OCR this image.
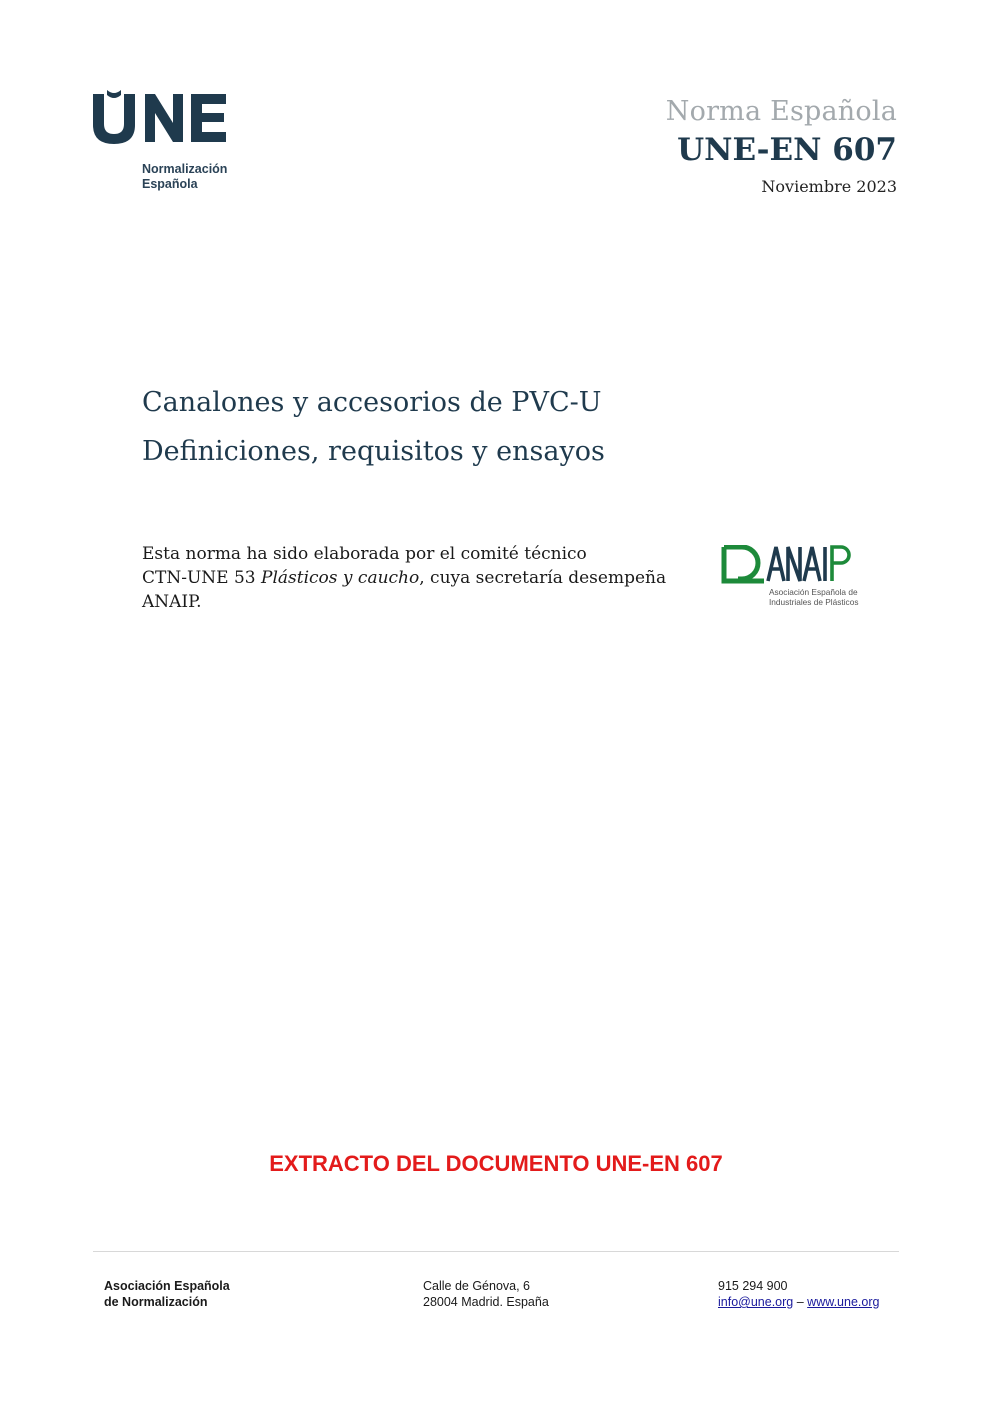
Normalización
Española
Norma Española
UNE-EN 607
Noviembre 2023
Canalones y accesorios de PVC-U
Definiciones, requisitos y ensayos
Esta norma ha sido elaborada por el comité técnico
CTN-UNE 53 Plásticos y caucho, cuya secretaría desempeña
ANAIP.	Asociación Española de
Industriales de Plásticos
EXTRACTO DEL DOCUMENTO UNE-EN 607
Asociación Española
de Normalización
Calle de Génova, 6
28004 Madrid. España
915 294 900
info@une.org – www.une.org
